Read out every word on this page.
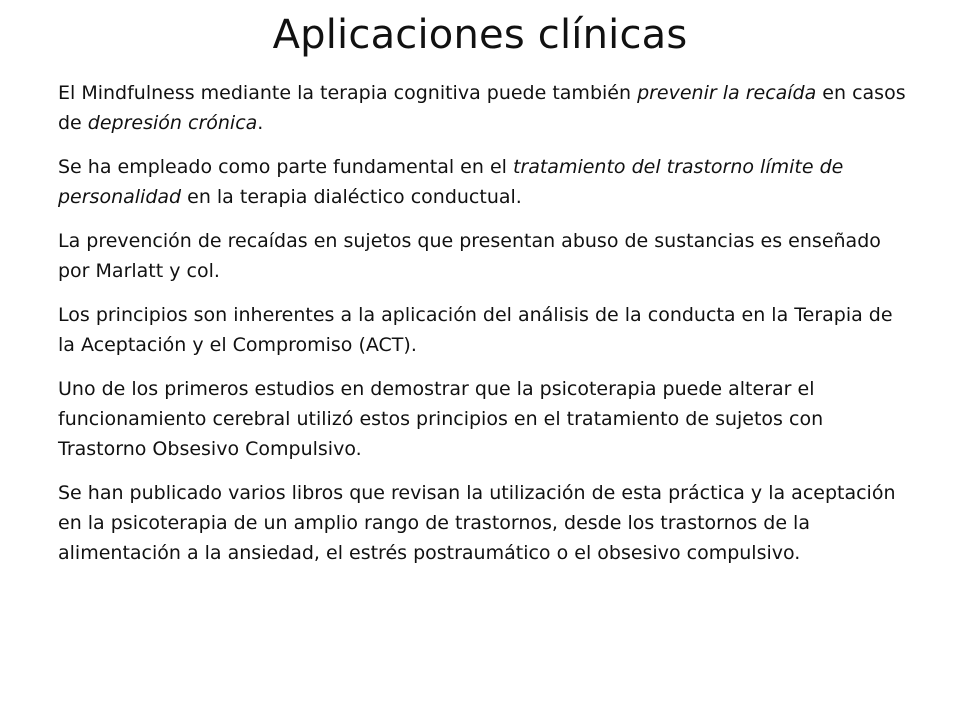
Aplicaciones clínicas

El Mindfulness mediante la terapia cognitiva puede también prevenir la recaída en casos de depresión crónica.

Se ha empleado como parte fundamental en el tratamiento del trastorno límite de personalidad en la terapia dialéctico conductual.

La prevención de recaídas en sujetos que presentan abuso de sustancias es enseñado por Marlatt y col.

Los principios son inherentes a la aplicación del análisis de la conducta en la Terapia de la Aceptación y el Compromiso (ACT).

Uno de los primeros estudios en demostrar que la psicoterapia puede alterar el funcionamiento cerebral utilizó estos principios en el tratamiento de sujetos con Trastorno Obsesivo Compulsivo.

Se han publicado varios libros que revisan la utilización de esta práctica y la aceptación en la psicoterapia de un amplio rango de trastornos, desde los trastornos de la alimentación a la ansiedad, el estrés postraumático o el obsesivo compulsivo.
